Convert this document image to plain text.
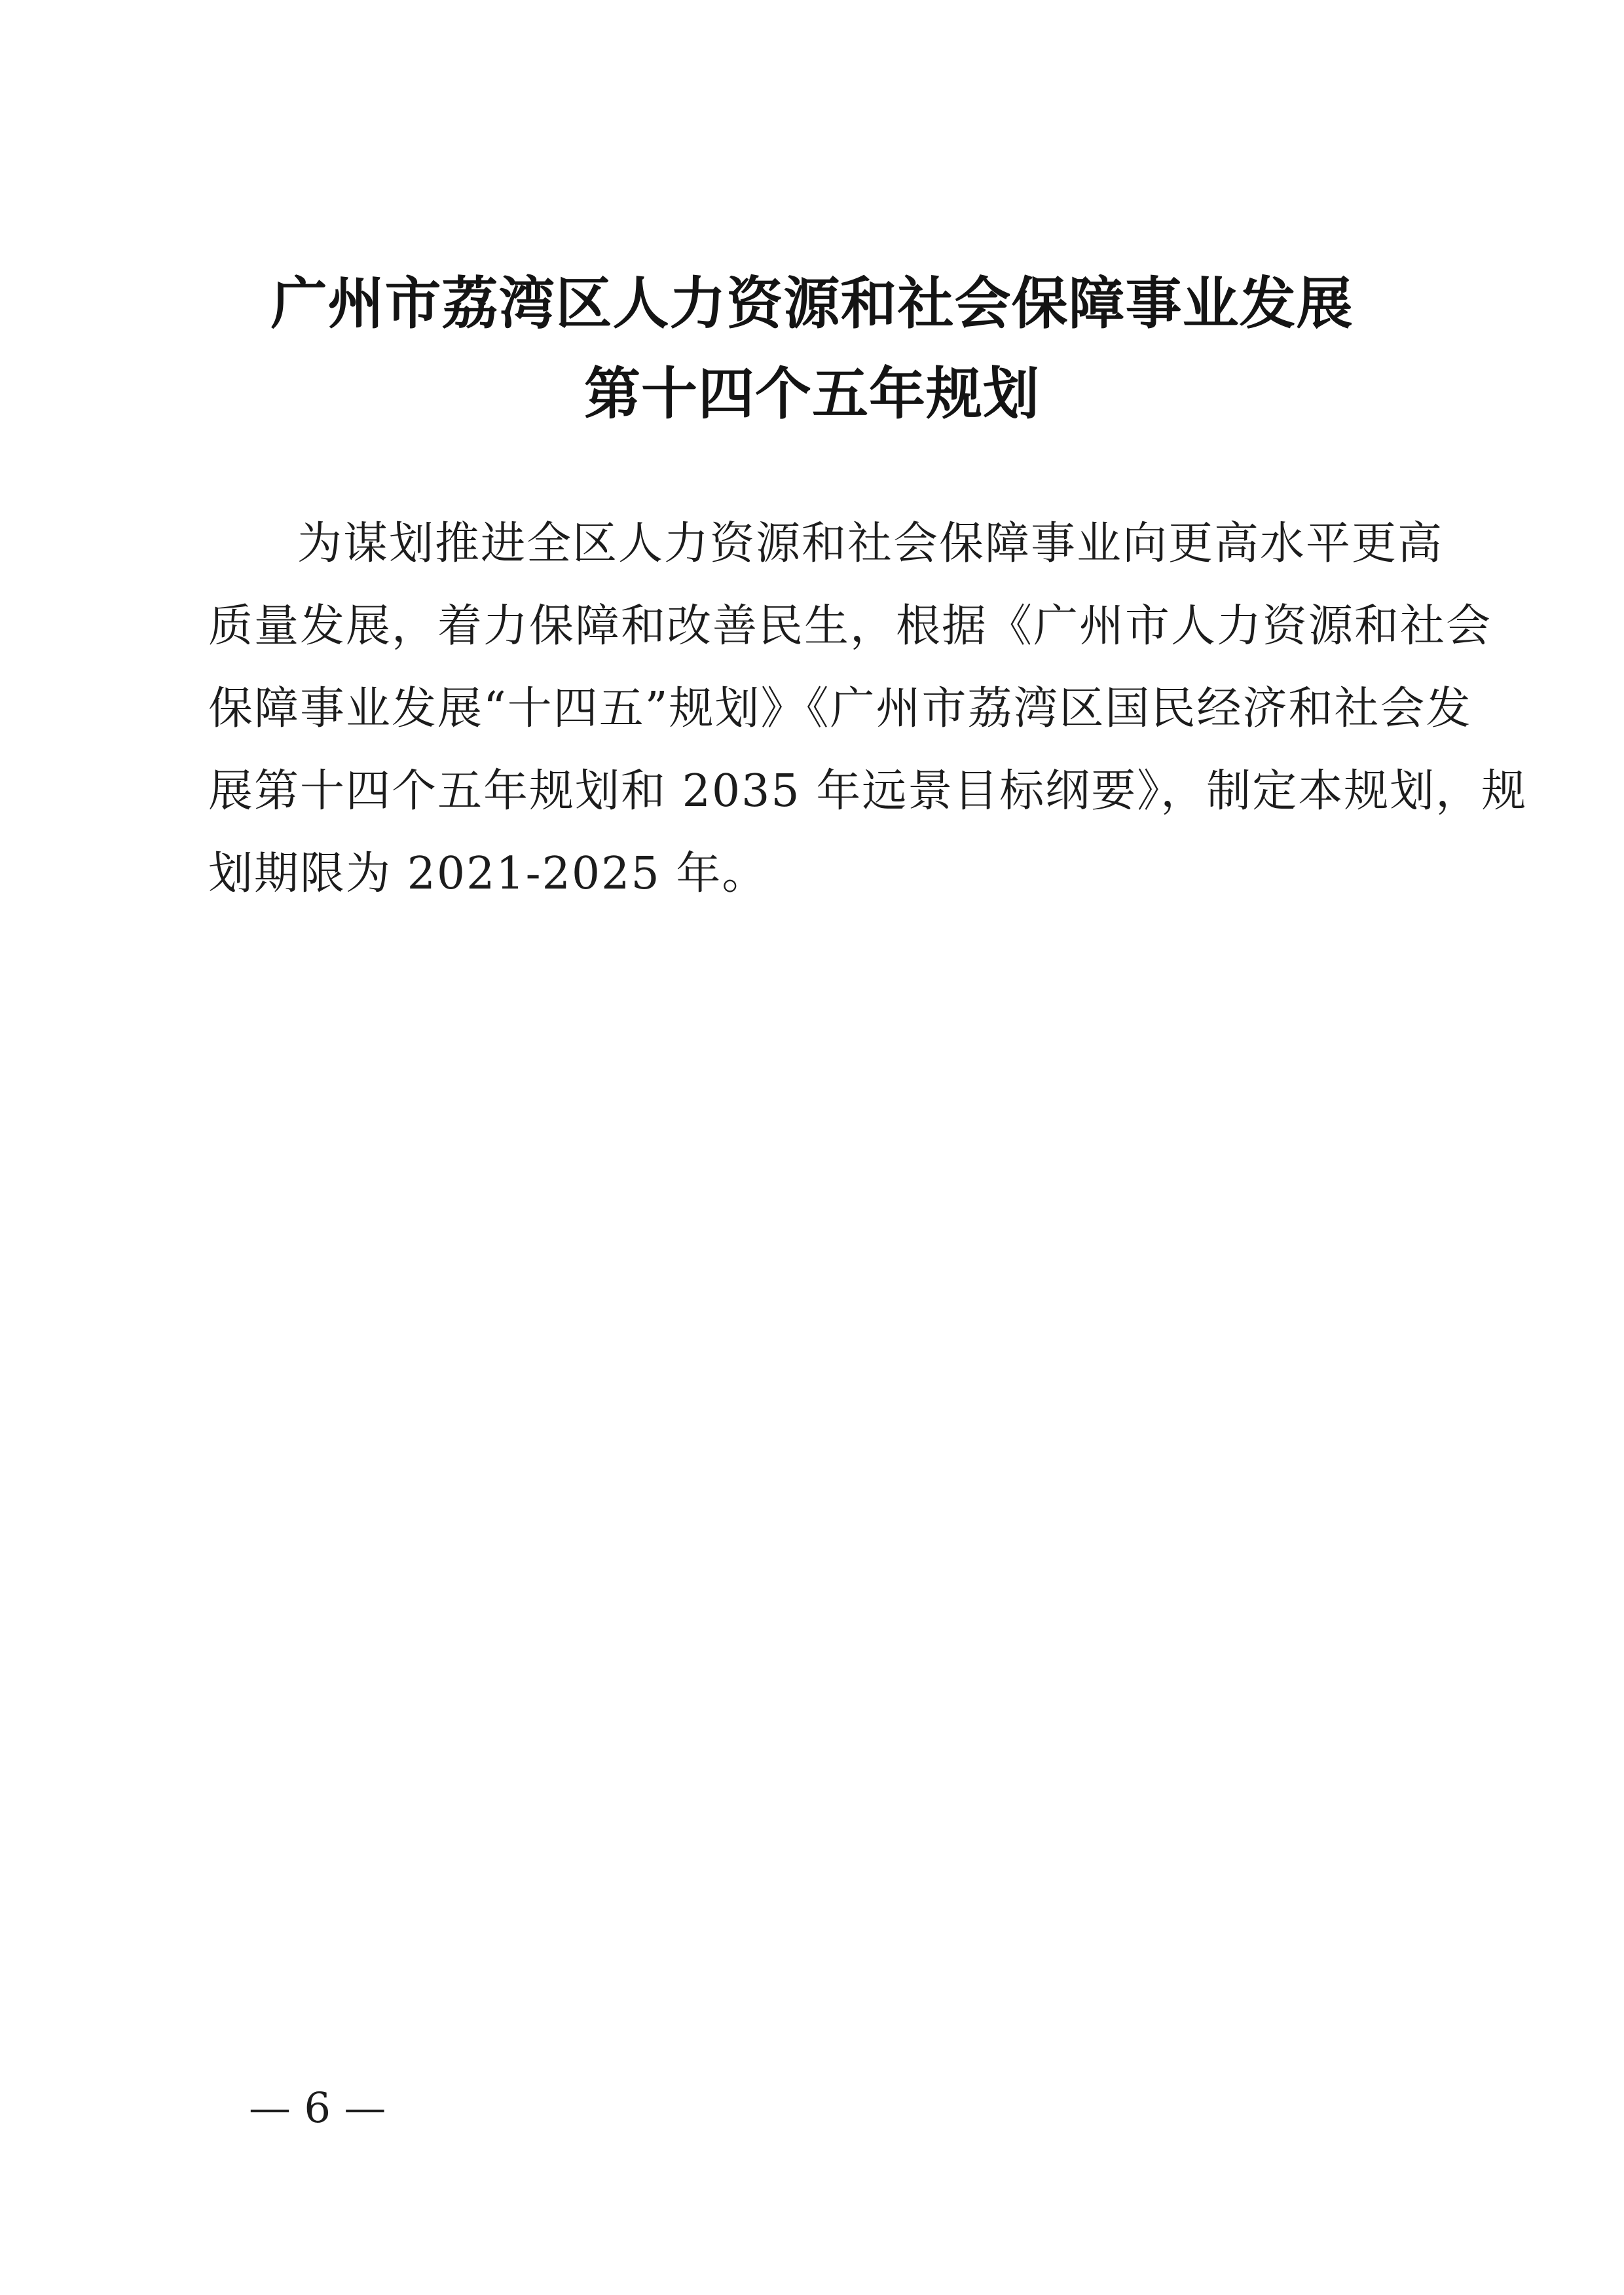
广州市荔湾区人力资源和社会保障事业发展
第十四个五年规划
为谋划推进全区人力资源和社会保障事业向更高水平更高
质量发展，着力保障和改善民生，根据《广州市人力资源和社会
保障事业发展“十四五”规划》《广州市荔湾区国民经济和社会发
展第十四个五年规划和 2035 年远景目标纲要》，制定本规划，规
划期限为 2021-2025 年。
— 6 —
